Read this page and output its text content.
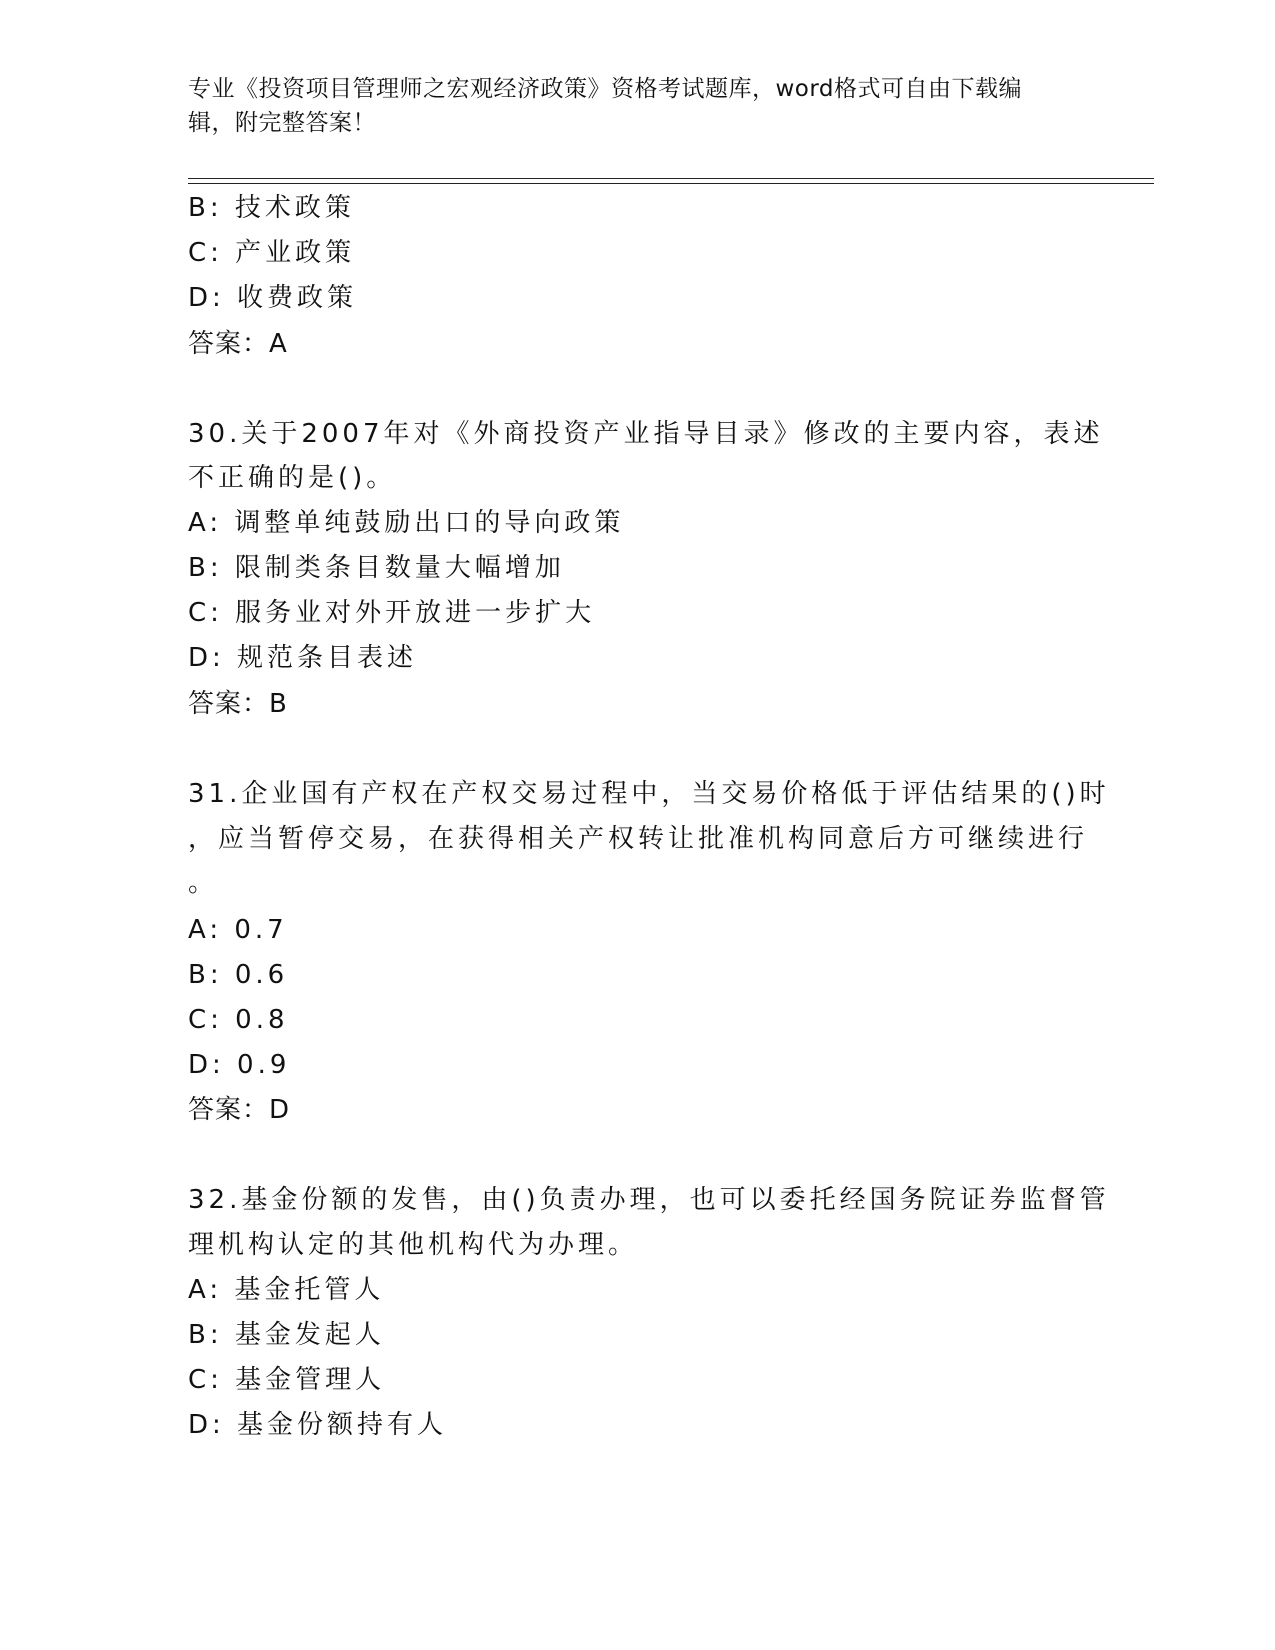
专业《投资项目管理师之宏观经济政策》资格考试题库，word格式可自由下载编
辑，附完整答案！
B: 技术政策
C: 产业政策
D: 收费政策
答案：A
30.关于2007年对《外商投资产业指导目录》修改的主要内容，表述
不正确的是()。
A: 调整单纯鼓励出口的导向政策
B: 限制类条目数量大幅增加
C: 服务业对外开放进一步扩大
D: 规范条目表述
答案：B
31.企业国有产权在产权交易过程中，当交易价格低于评估结果的()时
，应当暂停交易，在获得相关产权转让批准机构同意后方可继续进行
。
A: 0.7
B: 0.6
C: 0.8
D: 0.9
答案：D
32.基金份额的发售，由()负责办理，也可以委托经国务院证券监督管
理机构认定的其他机构代为办理。
A: 基金托管人
B: 基金发起人
C: 基金管理人
D: 基金份额持有人
